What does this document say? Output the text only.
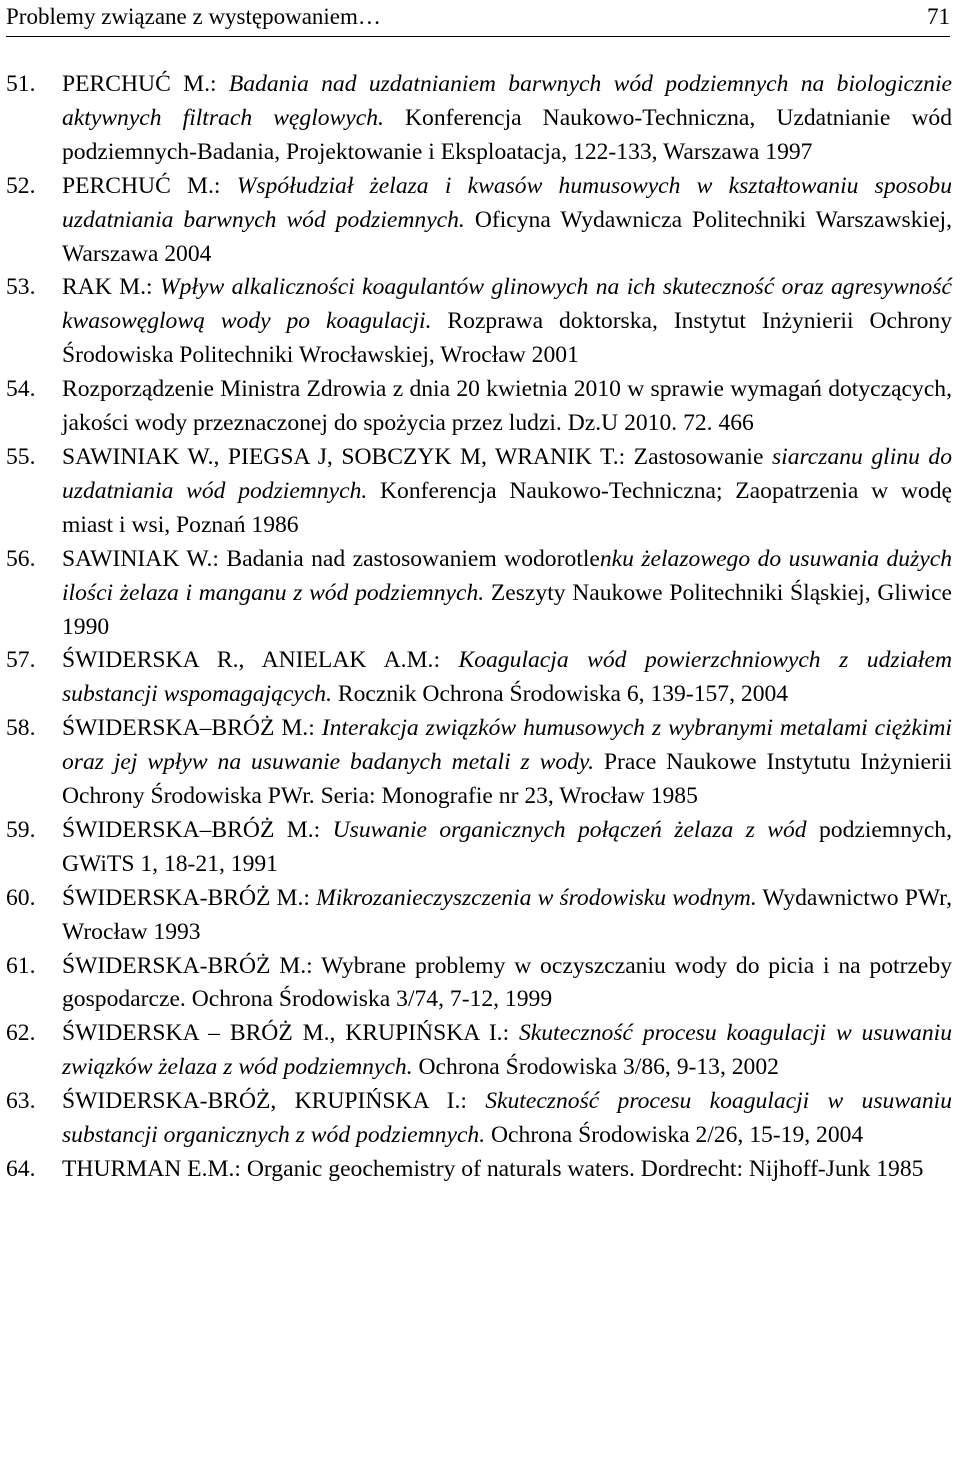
Problemy związane z występowaniem…	71
51. PERCHUĆ M.: Badania nad uzdatnianiem barwnych wód podziemnych na biologicznie aktywnych filtrach węglowych. Konferencja Naukowo-Techniczna, Uzdatnianie wód podziemnych-Badania, Projektowanie i Eksploatacja, 122-133, Warszawa 1997
52. PERCHUĆ M.: Współudział żelaza i kwasów humusowych w kształtowaniu sposobu uzdatniania barwnych wód podziemnych. Oficyna Wydawnicza Politechniki Warszawskiej, Warszawa 2004
53. RAK M.: Wpływ alkaliczności koagulantów glinowych na ich skuteczność oraz agresywność kwasowęglową wody po koagulacji. Rozprawa doktorska, Instytut Inżynierii Ochrony Środowiska Politechniki Wrocławskiej, Wrocław 2001
54. Rozporządzenie Ministra Zdrowia z dnia 20 kwietnia 2010 w sprawie wymagań dotyczących, jakości wody przeznaczonej do spożycia przez ludzi. Dz.U 2010. 72. 466
55. SAWINIAK W., PIEGSA J, SOBCZYK M, WRANIK T.: Zastosowanie siarczanu glinu do uzdatniania wód podziemnych. Konferencja Naukowo-Techniczna; Zaopatrzenia w wodę miast i wsi, Poznań 1986
56. SAWINIAK W.: Badania nad zastosowaniem wodorotlenku żelazowego do usuwania dużych ilości żelaza i manganu z wód podziemnych. Zeszyty Naukowe Politechniki Śląskiej, Gliwice 1990
57. ŚWIDERSKA R., ANIELAK A.M.: Koagulacja wód powierzchniowych z udziałem substancji wspomagających. Rocznik Ochrona Środowiska 6, 139-157, 2004
58. ŚWIDERSKA–BRÓŻ M.: Interakcja związków humusowych z wybranymi metalami ciężkimi oraz jej wpływ na usuwanie badanych metali z wody. Prace Naukowe Instytutu Inżynierii Ochrony Środowiska PWr. Seria: Monografie nr 23, Wrocław 1985
59. ŚWIDERSKA–BRÓŻ M.: Usuwanie organicznych połączeń żelaza z wód podziemnych, GWiTS 1, 18-21, 1991
60. ŚWIDERSKA-BRÓŻ M.: Mikrozanieczyszczenia w środowisku wodnym. Wydawnictwo PWr, Wrocław 1993
61. ŚWIDERSKA-BRÓŻ M.: Wybrane problemy w oczyszczaniu wody do picia i na potrzeby gospodarcze. Ochrona Środowiska 3/74, 7-12, 1999
62. ŚWIDERSKA – BRÓŻ M., KRUPIŃSKA I.: Skuteczność procesu koagulacji w usuwaniu związków żelaza z wód podziemnych. Ochrona Środowiska 3/86, 9-13, 2002
63. ŚWIDERSKA-BRÓŻ, KRUPIŃSKA I.: Skuteczność procesu koagulacji w usuwaniu substancji organicznych z wód podziemnych. Ochrona Środowiska 2/26, 15-19, 2004
64. THURMAN E.M.: Organic geochemistry of naturals waters. Dordrecht: Nijhoff-Junk 1985
